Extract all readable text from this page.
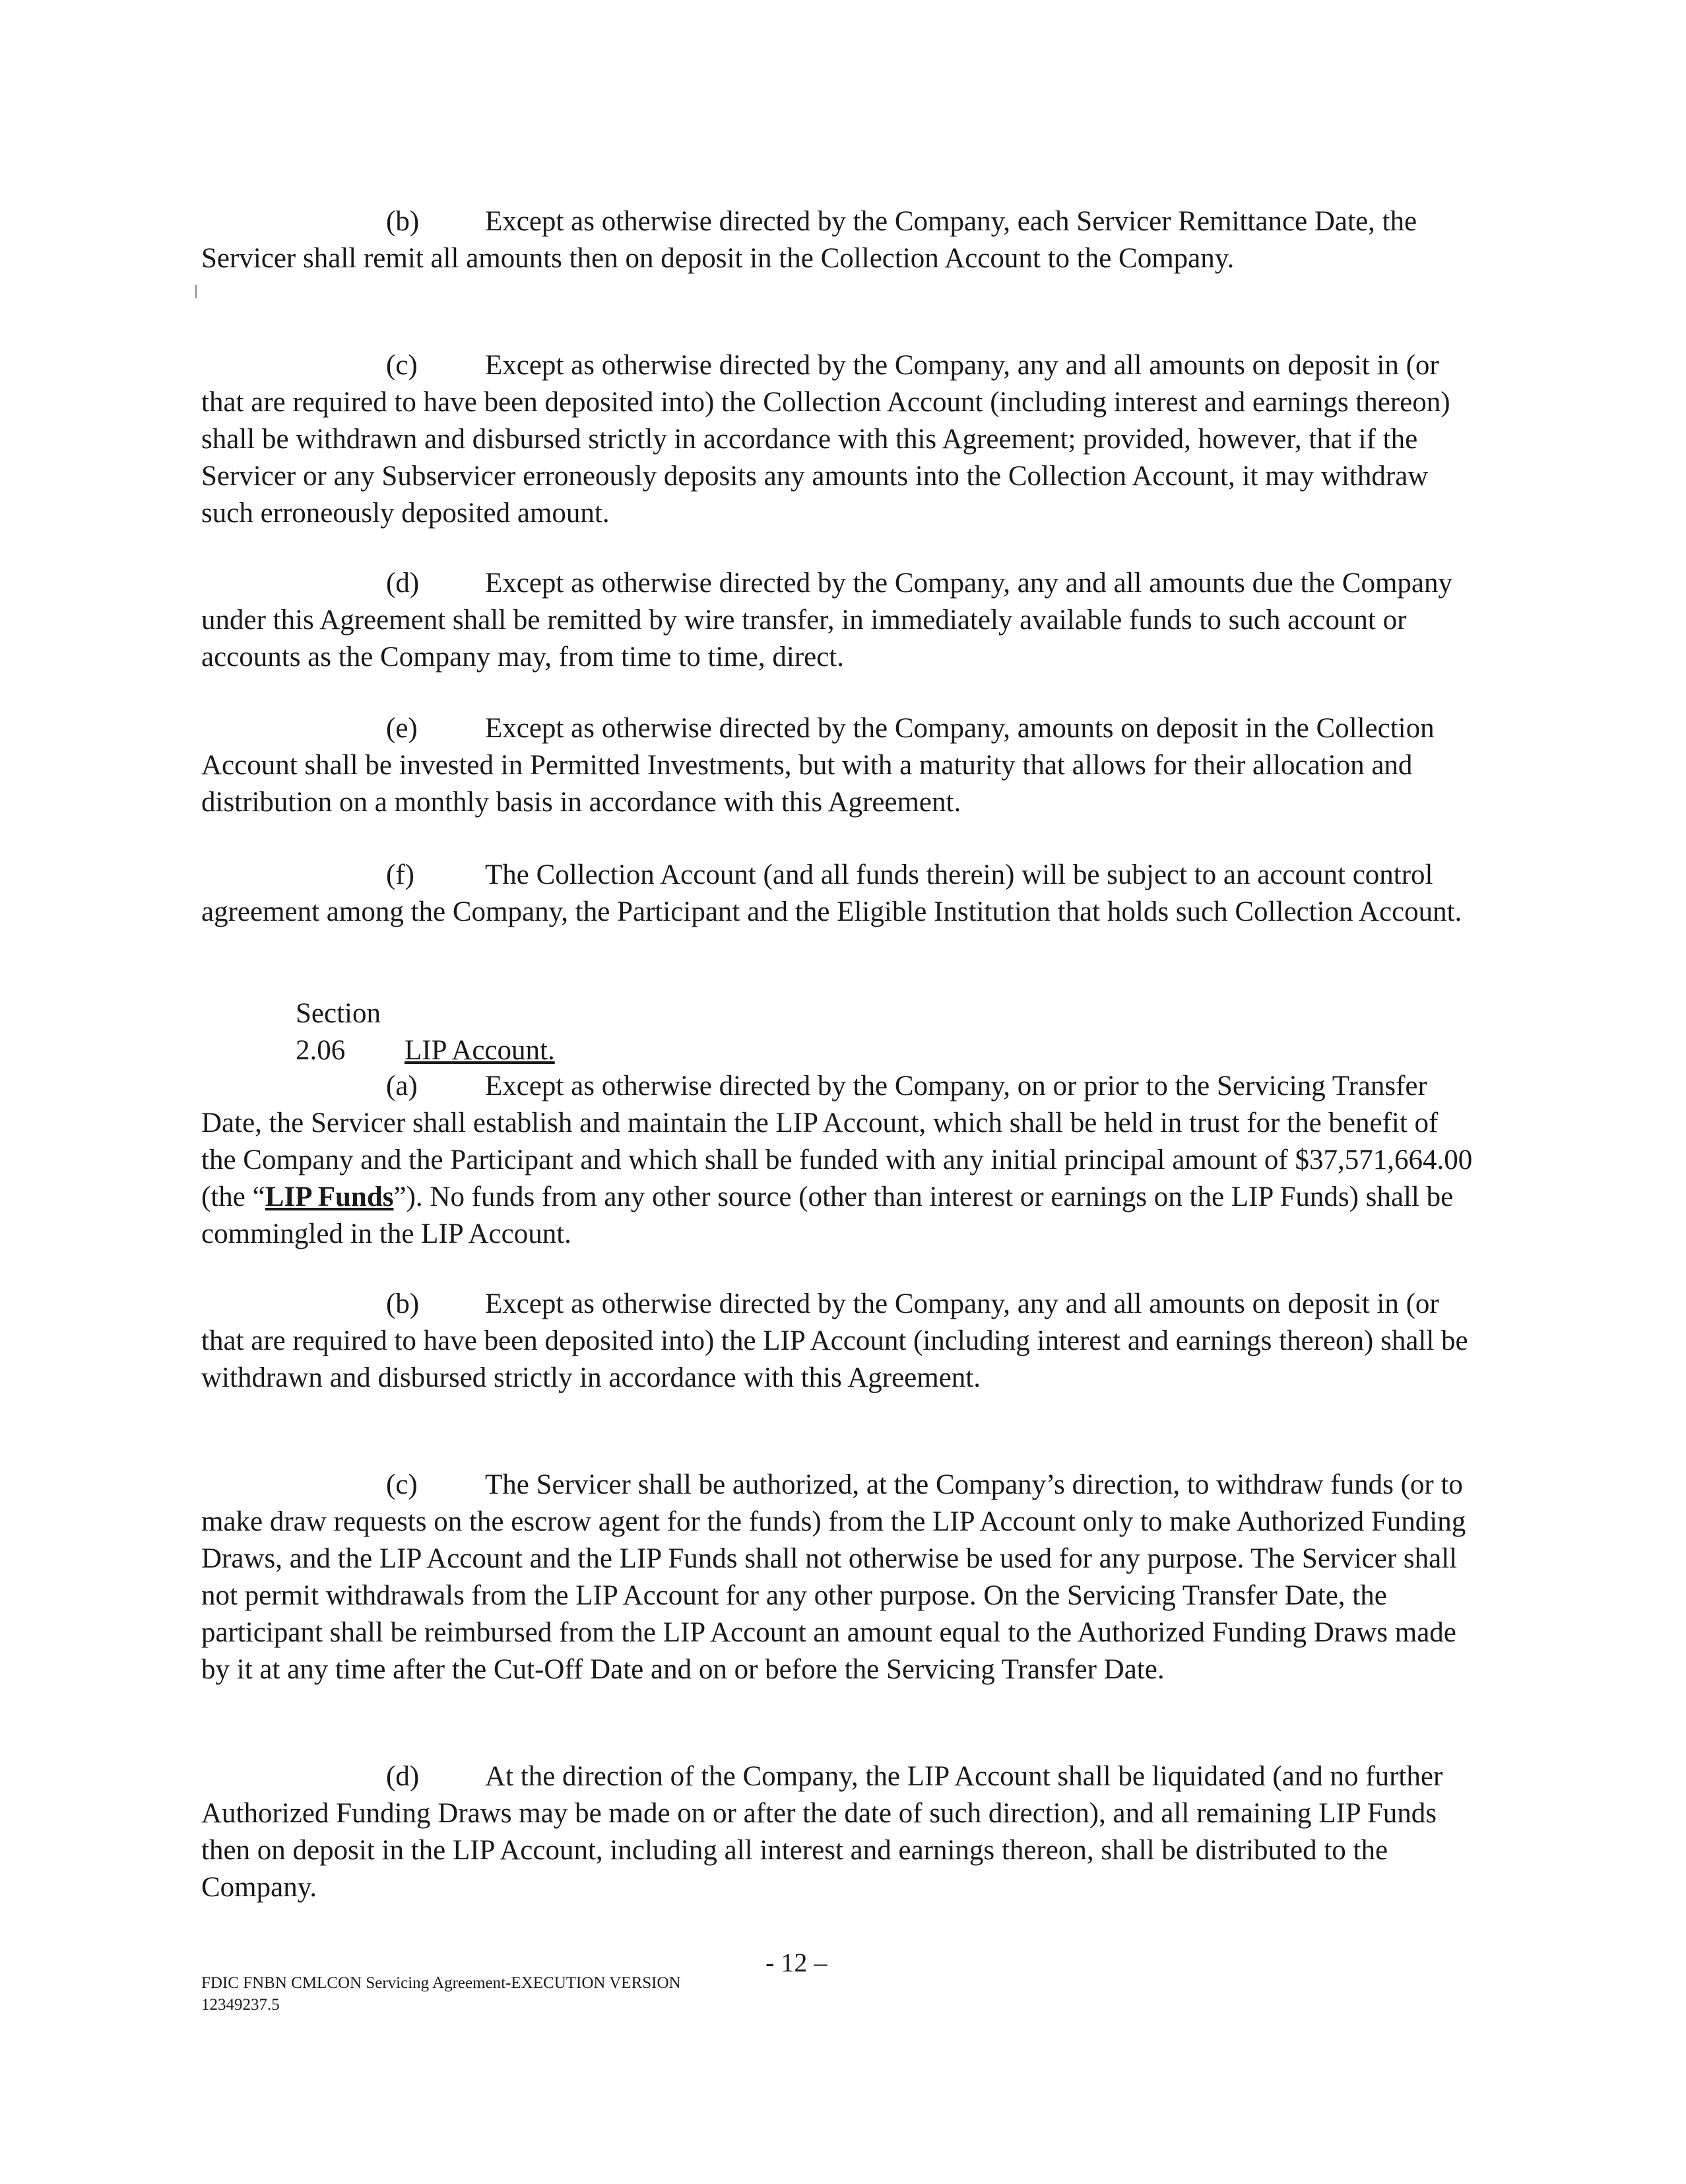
(b) Except as otherwise directed by the Company, each Servicer Remittance Date, the Servicer shall remit all amounts then on deposit in the Collection Account to the Company.

(c) Except as otherwise directed by the Company, any and all amounts on deposit in (or that are required to have been deposited into) the Collection Account (including interest and earnings thereon) shall be withdrawn and disbursed strictly in accordance with this Agreement; provided, however, that if the Servicer or any Subservicer erroneously deposits any amounts into the Collection Account, it may withdraw such erroneously deposited amount.

(d) Except as otherwise directed by the Company, any and all amounts due the Company under this Agreement shall be remitted by wire transfer, in immediately available funds to such account or accounts as the Company may, from time to time, direct.

(e) Except as otherwise directed by the Company, amounts on deposit in the Collection Account shall be invested in Permitted Investments, but with a maturity that allows for their allocation and distribution on a monthly basis in accordance with this Agreement.

(f) The Collection Account (and all funds therein) will be subject to an account control agreement among the Company, the Participant and the Eligible Institution that holds such Collection Account.

Section 2.06 LIP Account.

(a) Except as otherwise directed by the Company, on or prior to the Servicing Transfer Date, the Servicer shall establish and maintain the LIP Account, which shall be held in trust for the benefit of the Company and the Participant and which shall be funded with any initial principal amount of $37,571,664.00 (the “LIP Funds”). No funds from any other source (other than interest or earnings on the LIP Funds) shall be commingled in the LIP Account.

(b) Except as otherwise directed by the Company, any and all amounts on deposit in (or that are required to have been deposited into) the LIP Account (including interest and earnings thereon) shall be withdrawn and disbursed strictly in accordance with this Agreement.

(c) The Servicer shall be authorized, at the Company’s direction, to withdraw funds (or to make draw requests on the escrow agent for the funds) from the LIP Account only to make Authorized Funding Draws, and the LIP Account and the LIP Funds shall not otherwise be used for any purpose. The Servicer shall not permit withdrawals from the LIP Account for any other purpose. On the Servicing Transfer Date, the participant shall be reimbursed from the LIP Account an amount equal to the Authorized Funding Draws made by it at any time after the Cut-Off Date and on or before the Servicing Transfer Date.

(d) At the direction of the Company, the LIP Account shall be liquidated (and no further Authorized Funding Draws may be made on or after the date of such direction), and all remaining LIP Funds then on deposit in the LIP Account, including all interest and earnings thereon, shall be distributed to the Company.

- 12 –

FDIC FNBN CMLCON Servicing Agreement-EXECUTION VERSION
12349237.5
